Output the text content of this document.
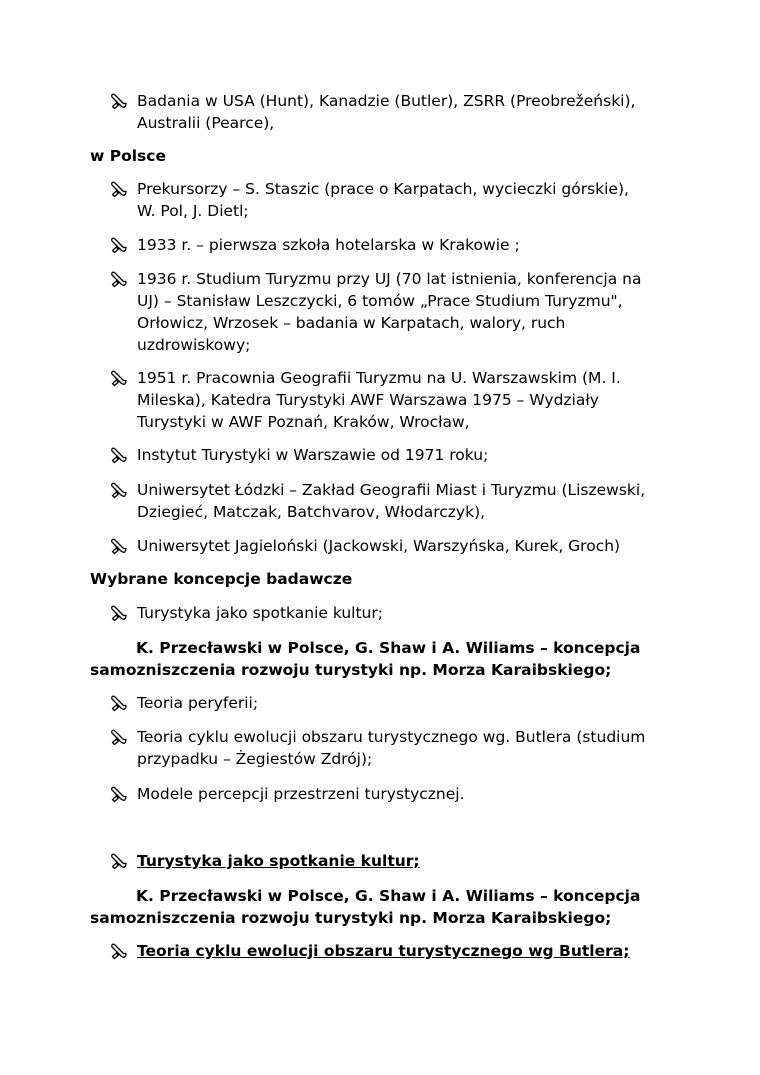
Badania w USA (Hunt), Kanadzie (Butler), ZSRR (Preobrežeński), Australii (Pearce),
w Polsce
Prekursorzy – S. Staszic (prace o Karpatach, wycieczki górskie), W. Pol, J. Dietl;
1933 r. – pierwsza szkoła hotelarska w Krakowie ;
1936 r. Studium Turyzmu przy UJ (70 lat istnienia, konferencja na UJ) – Stanisław Leszczycki, 6 tomów „Prace Studium Turyzmu", Orłowicz, Wrzosek – badania w Karpatach, walory, ruch uzdrowiskowy;
1951 r. Pracownia Geografii Turyzmu na U. Warszawskim (M. I. Mileska), Katedra Turystyki AWF Warszawa 1975 – Wydziały Turystyki w AWF Poznań, Kraków, Wrocław,
Instytut Turystyki w Warszawie od 1971 roku;
Uniwersytet Łódzki – Zakład Geografii Miast i Turyzmu (Liszewski, Dziegieć, Matczak, Batchvarov, Włodarczyk),
Uniwersytet Jagieloński (Jackowski, Warszyńska, Kurek, Groch)
Wybrane koncepcje badawcze
Turystyka jako spotkanie kultur;
K. Przecławski w Polsce, G. Shaw i A. Wiliams – koncepcja
samozniszczenia rozwoju turystyki np. Morza Karaibskiego;
Teoria peryferii;
Teoria cyklu ewolucji obszaru turystycznego wg. Butlera (studium przypadku – Żegiestów Zdrój);
Modele percepcji przestrzeni turystycznej.
Turystyka jako spotkanie kultur;
K. Przecławski w Polsce, G. Shaw i A. Wiliams – koncepcja
samozniszczenia rozwoju turystyki np. Morza Karaibskiego;
Teoria cyklu ewolucji obszaru turystycznego wg Butlera;
